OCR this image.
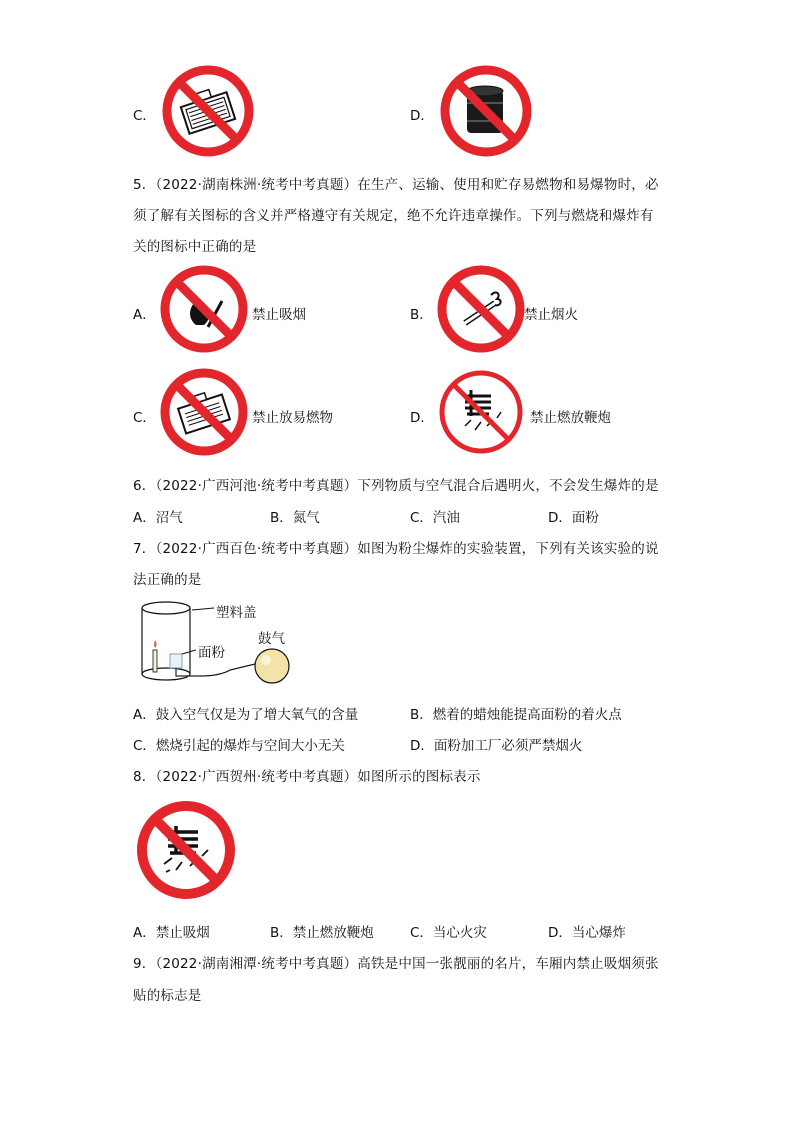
C．	D．
5．（2022·湖南株洲·统考中考真题）在生产、运输、使用和贮存易燃物和易爆物时，必
须了解有关图标的含义并严格遵守有关规定，绝不允许违章操作。下列与燃烧和爆炸有
关的图标中正确的是
A．	禁止吸烟	B．	禁止烟火
C．	禁止放易燃物	D．	禁止燃放鞭炮
6．（2022·广西河池·统考中考真题）下列物质与空气混合后遇明火，不会发生爆炸的是
A．沼气	B．氮气	C．汽油	D．面粉
7．（2022·广西百色·统考中考真题）如图为粉尘爆炸的实验装置，下列有关该实验的说
法正确的是
塑料盖
面粉
鼓气
A．鼓入空气仅是为了增大氧气的含量	B．燃着的蜡烛能提高面粉的着火点
C．燃烧引起的爆炸与空间大小无关	D．面粉加工厂必须严禁烟火
8．（2022·广西贺州·统考中考真题）如图所示的图标表示
A．禁止吸烟	B．禁止燃放鞭炮	C．当心火灾	D．当心爆炸
9．（2022·湖南湘潭·统考中考真题）高铁是中国一张靓丽的名片，车厢内禁止吸烟须张
贴的标志是
